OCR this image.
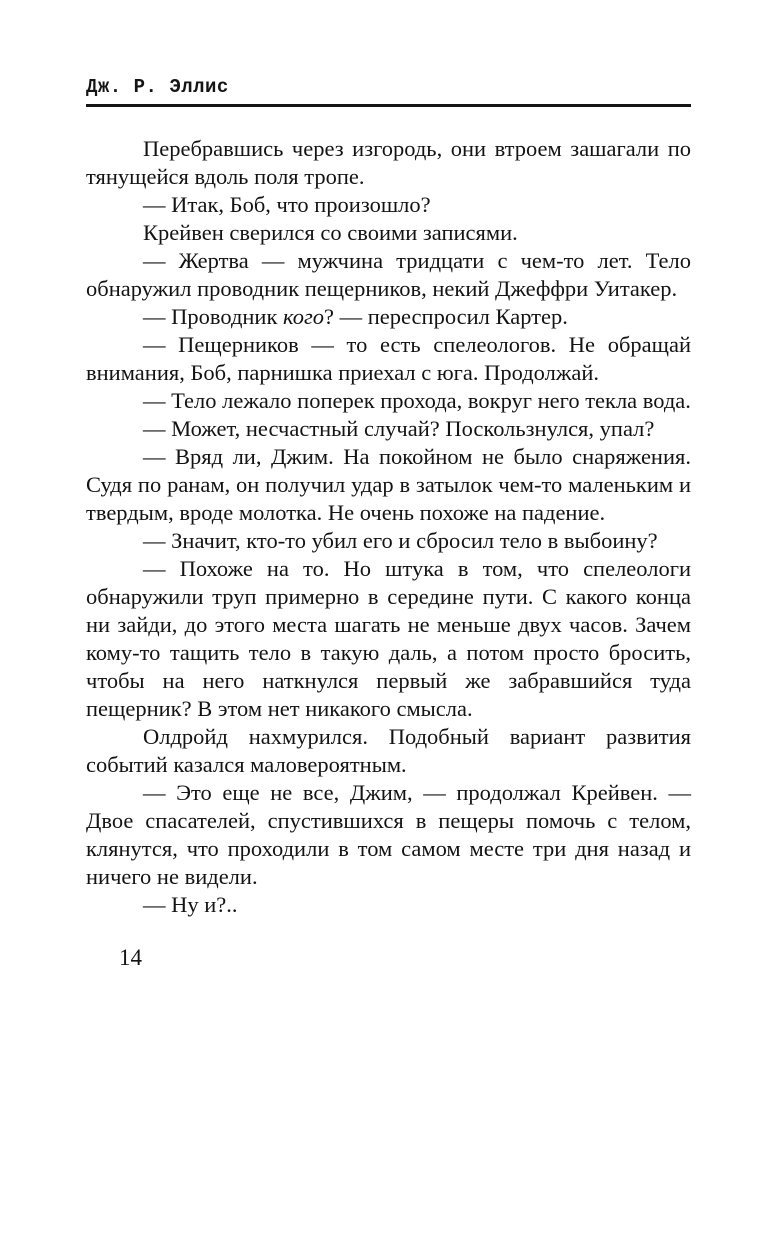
Дж. Р. Эллис

Перебравшись через изгородь, они втроем зашагали по тянущейся вдоль поля тропе.

— Итак, Боб, что произошло?

Крейвен сверился со своими записями.

— Жертва — мужчина тридцати с чем-то лет. Тело обнаружил проводник пещерников, некий Джеффри Уитакер.

— Проводник кого? — переспросил Картер.

— Пещерников — то есть спелеологов. Не обращай внимания, Боб, парнишка приехал с юга. Продолжай.

— Тело лежало поперек прохода, вокруг него текла вода.

— Может, несчастный случай? Поскользнулся, упал?

— Вряд ли, Джим. На покойном не было снаряжения. Судя по ранам, он получил удар в затылок чем-то маленьким и твердым, вроде молотка. Не очень похоже на падение.

— Значит, кто-то убил его и сбросил тело в выбоину?

— Похоже на то. Но штука в том, что спелеологи обнаружили труп примерно в середине пути. С какого конца ни зайди, до этого места шагать не меньше двух часов. Зачем кому-то тащить тело в такую даль, а потом просто бросить, чтобы на него наткнулся первый же забравшийся туда пещерник? В этом нет никакого смысла.

Олдройд нахмурился. Подобный вариант развития событий казался маловероятным.

— Это еще не все, Джим, — продолжал Крейвен. — Двое спасателей, спустившихся в пещеры помочь с телом, клянутся, что проходили в том самом месте три дня назад и ничего не видели.

— Ну и?..

14
